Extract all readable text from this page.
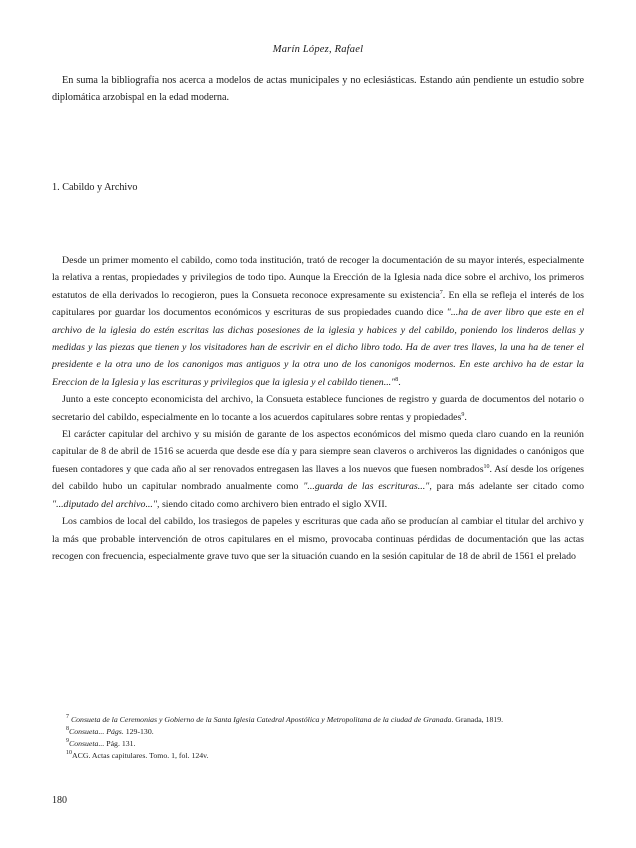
Marín López, Rafael

En suma la bibliografía nos acerca a modelos de actas municipales y no eclesiásticas. Estando aún pendiente un estudio sobre diplomática arzobispal en la edad moderna.

1. Cabildo y Archivo

Desde un primer momento el cabildo, como toda institución, trató de recoger la documentación de su mayor interés, especialmente la relativa a rentas, propiedades y privilegios de todo tipo. Aunque la Erección de la Iglesia nada dice sobre el archivo, los primeros estatutos de ella derivados lo recogieron, pues la Consueta reconoce expresamente su existencia$^7$. En ella se refleja el interés de los capitulares por guardar los documentos económicos y escrituras de sus propiedades cuando dice "...ha de aver libro que este en el archivo de la iglesia do estén escritas las dichas posesiones de la iglesia y habices y del cabildo, poniendo los linderos dellas y medidas y las piezas que tienen y los visitadores han de escrivir en el dicho libro todo. Ha de aver tres llaves, la una ha de tener el presidente e la otra uno de los canonigos mas antiguos y la otra uno de los canonigos modernos. En este archivo ha de estar la Ereccion de la Iglesia y las escrituras y privilegios que la iglesia y el cabildo tienen..."$^8$.

Junto a este concepto economicista del archivo, la Consueta establece funciones de registro y guarda de documentos del notario o secretario del cabildo, especialmente en lo tocante a los acuerdos capitulares sobre rentas y propiedades$^9$.

El carácter capitular del archivo y su misión de garante de los aspectos económicos del mismo queda claro cuando en la reunión capitular de 8 de abril de 1516 se acuerda que desde ese día y para siempre sean claveros o archiveros las dignidades o canónigos que fuesen contadores y que cada año al ser renovados entregasen las llaves a los nuevos que fuesen nombrados$^{10}$. Así desde los orígenes del cabildo hubo un capitular nombrado anualmente como "...guarda de las escrituras...", para más adelante ser citado como "...diputado del archivo...", siendo citado como archivero bien entrado el siglo XVII.

Los cambios de local del cabildo, los trasiegos de papeles y escrituras que cada año se producían al cambiar el titular del archivo y la más que probable intervención de otros capitulares en el mismo, provocaba continuas pérdidas de documentación que las actas recogen con frecuencia, especialmente grave tuvo que ser la situación cuando en la sesión capitular de 18 de abril de 1561 el prelado

$^7$ Consueta de la Ceremonias y Gobierno de la Santa Iglesia Catedral Apostólica y Metropolitana de la ciudad de Granada. Granada, 1819.

$^8$Consueta... Págs. 129-130.

$^9$Consueta... Pág. 131.

$^{10}$ACG. Actas capitulares. Tomo. 1, fol. 124v.

180
